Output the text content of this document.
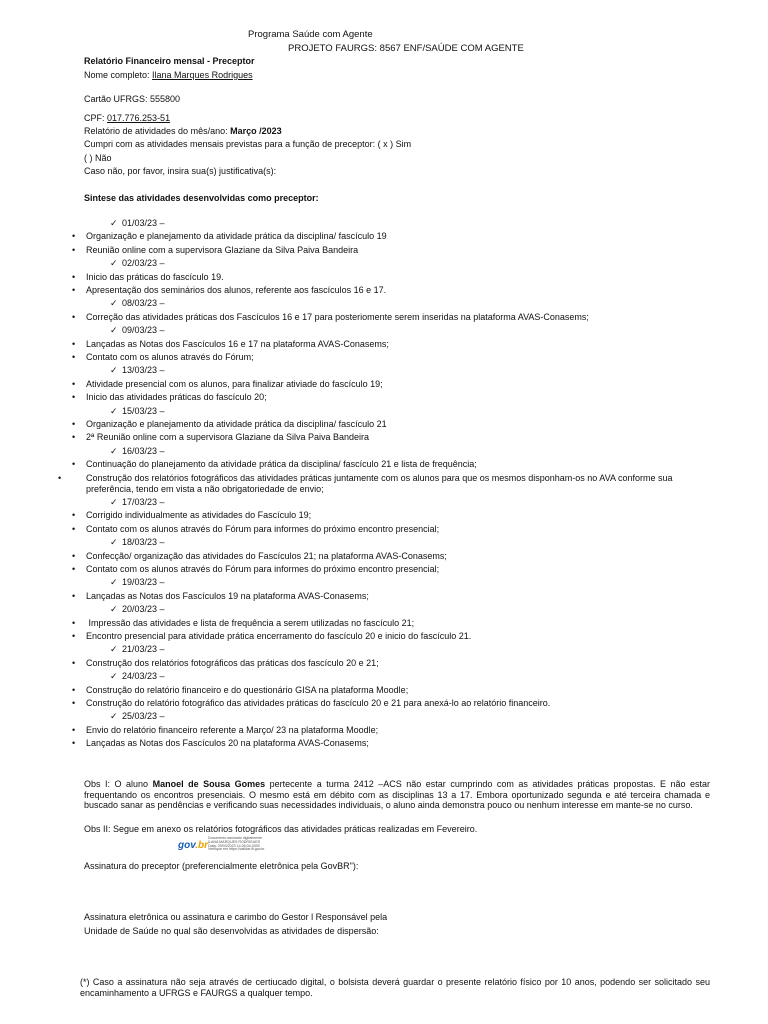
Programa Saúde com Agente
PROJETO FAURGS: 8567 ENF/SAÚDE COM AGENTE
Relatório Financeiro mensal - Preceptor
Nome completo: Ilana Marques Rodrigues
Cartão UFRGS: 555800
CPF: 017.776.253-51
Relatório de atividades do mês/ano: Março /2023
Cumpri com as atividades mensais previstas para a função de preceptor: ( x ) Sim
( ) Não
Caso não, por favor, insira sua(s) justificativa(s):
Sintese das atividades desenvolvidas como preceptor:
✓ 01/03/23 –
• Organização e planejamento da atividade prática da disciplina/ fascículo 19
• Reunião online com a supervisora Glaziane da Silva Paiva Bandeira
✓ 02/03/23 –
• Inicio das práticas do fascículo 19.
• Apresentação dos seminários dos alunos, referente aos fascículos 16 e 17.
✓ 08/03/23 –
• Correção das atividades práticas dos Fascículos 16 e 17 para posteriomente serem inseridas na plataforma AVAS-Conasems;
✓ 09/03/23 –
• Lançadas as Notas dos Fascículos 16 e 17 na plataforma AVAS-Conasems;
• Contato com os alunos através do Fórum;
✓ 13/03/23 –
• Atividade presencial com os alunos, para finalizar ativiade do fascículo 19;
• Inicio das atividades práticas do fascículo 20;
✓ 15/03/23 –
• Organização e planejamento da atividade prática da disciplina/ fascículo 21
• 2ª Reunião online com a supervisora Glaziane da Silva Paiva Bandeira
✓ 16/03/23 –
• Continuação do planejamento da atividade prática da disciplina/ fascículo 21 e lista de frequência;
•	Construção dos relatórios fotográficos das atividades práticas juntamente com os alunos para que os mesmos disponham-os no AVA conforme sua preferência, tendo em vista a não obrigatoriedade de envio;
✓ 17/03/23 –
• Corrigido individualmente as atividades do Fascículo 19;
• Contato com os alunos através do Fórum para informes do próximo encontro presencial;
✓ 18/03/23 –
• Confecção/ organização das atividades do Fascículos 21; na plataforma AVAS-Conasems;
• Contato com os alunos através do Fórum para informes do próximo encontro presencial;
✓ 19/03/23 –
• Lançadas as Notas dos Fascículos 19 na plataforma AVAS-Conasems;
✓ 20/03/23 –
• Impressão das atividades e lista de frequência a serem utilizadas no fascículo 21;
• Encontro presencial para atividade prática encerramento do fascículo 20 e inicio do fascículo 21.
✓ 21/03/23 –
• Construção dos relatórios fotográficos das práticas dos fascículo 20 e 21;
✓ 24/03/23 –
• Construção do relatório financeiro e do questionário GISA na plataforma Moodle;
• Construção do relatório fotográfico das atividades práticas do fascículo 20 e 21 para anexá-lo ao relatório financeiro.
✓ 25/03/23 –
• Envio do relatório financeiro referente a Março/ 23 na plataforma Moodle;
• Lançadas as Notas dos Fascículos 20 na plataforma AVAS-Conasems;
Obs I: O aluno Manoel de Sousa Gomes pertecente a turma 2412 –ACS não estar cumprindo com as atividades práticas propostas. E não estar frequentando os encontros presenciais. O mesmo está em débito com as disciplinas 13 a 17. Embora oportunizado segunda e até terceira chamada e buscado sanar as pendências e verificando suas necessidades individuais, o aluno ainda demonstra pouco ou nenhum interesse em mante-se no curso.
Obs II: Segue em anexo os relatórios fotográficos das atividades práticas realizadas em Fevereiro.
gov.br
Documento assinado digitalmente
ILANA MARQUES RODRIGUES
Data: 29/03/2023 14:26:04-0300
Verifique em https://validar.iti.gov.br
Assinatura do preceptor (preferencialmente eletrônica pela GovBR"):
Assinatura eletrônica ou assinatura e carimbo do Gestor l Responsável pela
Unidade de Saúde no qual são desenvolvidas as atividades de dispersão:
(*) Caso a assinatura não seja através de certiucado digital, o bolsista deverá guardar o presente relatório físico por 10 anos, podendo ser solicitado seu encaminhamento a UFRGS e FAURGS a qualquer tempo.
